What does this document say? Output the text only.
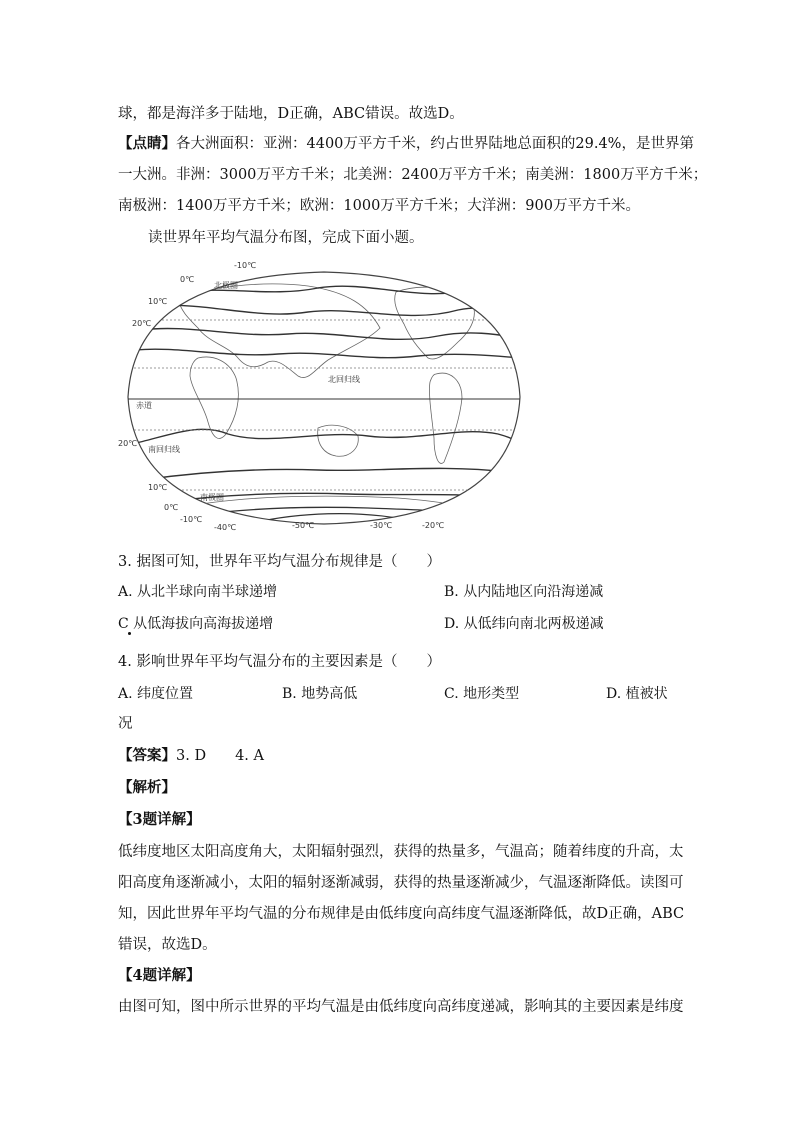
球，都是海洋多于陆地，D正确，ABC错误。故选D。
【点睛】各大洲面积：亚洲：4400万平方千米，约占世界陆地总面积的29.4%，是世界第
一大洲。非洲：3000万平方千米；北美洲：2400万平方千米；南美洲：1800万平方千米；
南极洲：1400万平方千米；欧洲：1000万平方千米；大洋洲：900万平方千米。
读世界年平均气温分布图，完成下面小题。
-10℃
0℃
10℃
20℃
北极圈
北回归线
赤道
20℃
南回归线
10℃
0℃
南极圈
-10℃
-40℃	-50℃	-30℃	-20℃
3. 据图可知，世界年平均气温分布规律是（　　）
A. 从北半球向南半球递增	B. 从内陆地区向沿海递减
C 从低海拔向高海拔递增	D. 从低纬向南北两极递减
4. 影响世界年平均气温分布的主要因素是（　　）
A. 纬度位置	B. 地势高低	C. 地形类型	D. 植被状
况
【答案】3. D　　4. A
【解析】
【3题详解】
低纬度地区太阳高度角大，太阳辐射强烈，获得的热量多，气温高；随着纬度的升高，太
阳高度角逐渐减小，太阳的辐射逐渐减弱，获得的热量逐渐减少，气温逐渐降低。读图可
知，因此世界年平均气温的分布规律是由低纬度向高纬度气温逐渐降低，故D正确，ABC
错误，故选D。
【4题详解】
由图可知，图中所示世界的平均气温是由低纬度向高纬度递减，影响其的主要因素是纬度
